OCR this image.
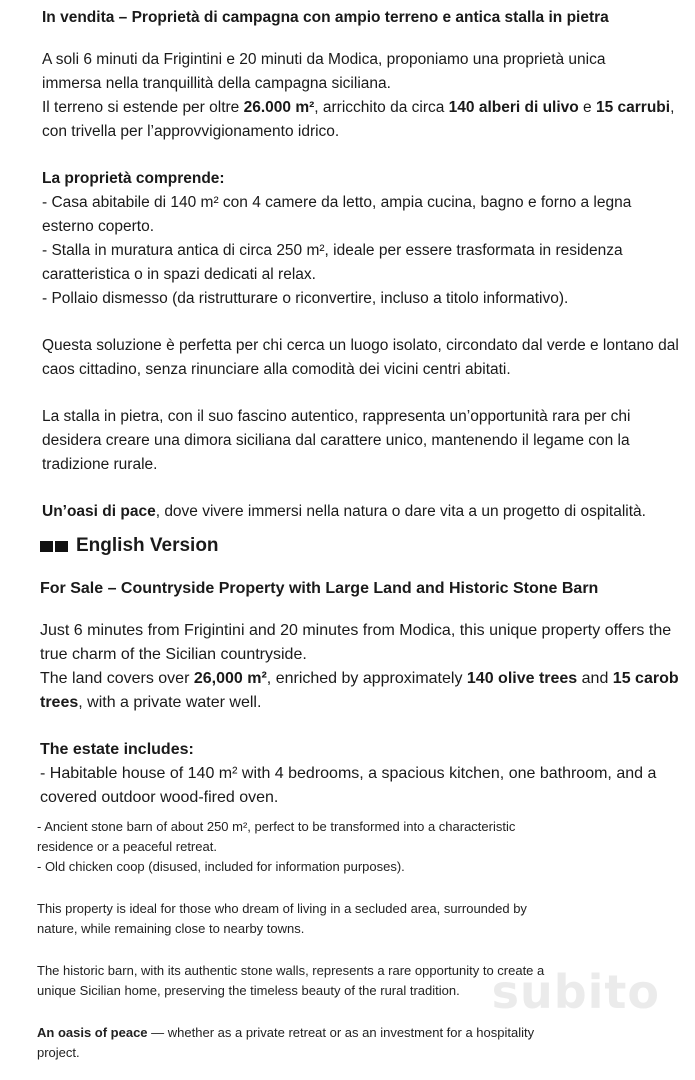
In vendita – Proprietà di campagna con ampio terreno e antica stalla in pietra

A soli 6 minuti da Frigintini e 20 minuti da Modica, proponiamo una proprietà unica
immersa nella tranquillità della campagna siciliana.
Il terreno si estende per oltre 26.000 m², arricchito da circa 140 alberi di ulivo e 15 carrubi, con trivella per l’approvvigionamento idrico.

La proprietà comprende:

- Casa abitabile di 140 m² con 4 camere da letto, ampia cucina, bagno e forno a legna esterno coperto.

- Stalla in muratura antica di circa 250 m², ideale per essere trasformata in residenza caratteristica o in spazi dedicati al relax.

- Pollaio dismesso (da ristrutturare o riconvertire, incluso a titolo informativo).

Questa soluzione è perfetta per chi cerca un luogo isolato, circondato dal verde e lontano dal caos cittadino, senza rinunciare alla comodità dei vicini centri abitati.

La stalla in pietra, con il suo fascino autentico, rappresenta un’opportunità rara per chi desidera creare una dimora siciliana dal carattere unico, mantenendo il legame con la tradizione rurale.

Un’oasi di pace, dove vivere immersi nella natura o dare vita a un progetto di ospitalità.

English Version
For Sale – Countryside Property with Large Land and Historic Stone Barn

Just 6 minutes from Frigintini and 20 minutes from Modica, this unique property offers the true charm of the Sicilian countryside.

The land covers over 26,000 m², enriched by approximately 140 olive trees and 15 carob trees, with a private water well.

The estate includes:

- Habitable house of 140 m² with 4 bedrooms, a spacious kitchen, one bathroom, and a covered outdoor wood-fired oven.

- Ancient stone barn of about 250 m², perfect to be transformed into a characteristic
residence or a peaceful retreat.

- Old chicken coop (disused, included for information purposes).

This property is ideal for those who dream of living in a secluded area, surrounded by
nature, while remaining close to nearby towns.

The historic barn, with its authentic stone walls, represents a rare opportunity to create a
unique Sicilian home, preserving the timeless beauty of the rural tradition.

An oasis of peace — whether as a private retreat or as an investment for a hospitality
project.

subito
